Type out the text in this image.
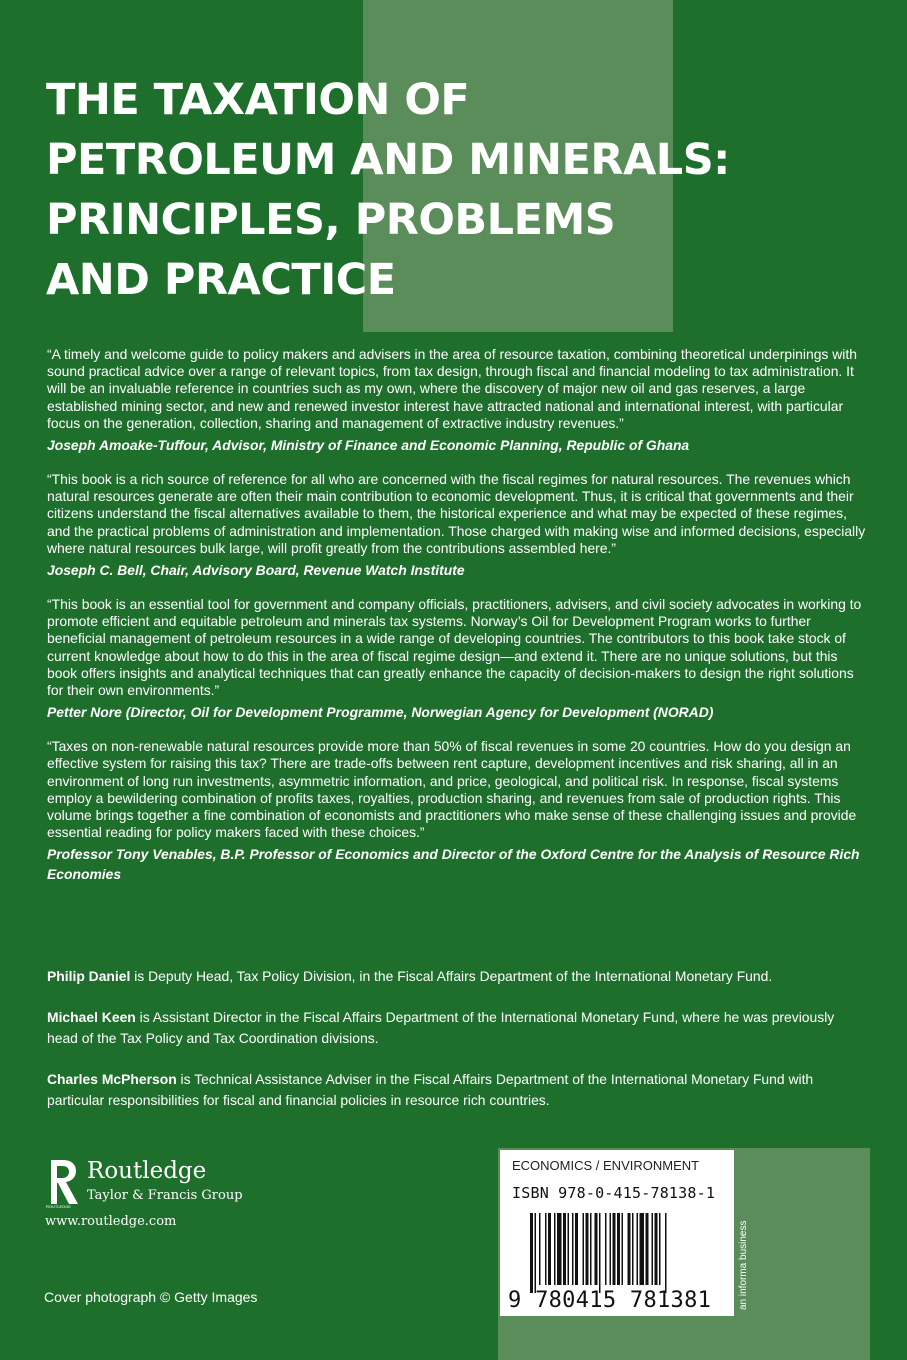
THE TAXATION OF
PETROLEUM AND MINERALS:
PRINCIPLES, PROBLEMS
AND PRACTICE

“A timely and welcome guide to policy makers and advisers in the area of resource taxation, combining theoretical underpinings with sound practical advice over a range of relevant topics, from tax design, through fiscal and financial modeling to tax administration. It will be an invaluable reference in countries such as my own, where the discovery of major new oil and gas reserves, a large established mining sector, and new and renewed investor interest have attracted national and international interest, with particular focus on the generation, collection, sharing and management of extractive industry revenues.”

Joseph Amoake-Tuffour, Advisor, Ministry of Finance and Economic Planning, Republic of Ghana

“This book is a rich source of reference for all who are concerned with the fiscal regimes for natural resources. The revenues which natural resources generate are often their main contribution to economic development. Thus, it is critical that governments and their citizens understand the fiscal alternatives available to them, the historical experience and what may be expected of these regimes, and the practical problems of administration and implementation. Those charged with making wise and informed decisions, especially where natural resources bulk large, will profit greatly from the contributions assembled here.”

Joseph C. Bell, Chair, Advisory Board, Revenue Watch Institute

“This book is an essential tool for government and company officials, practitioners, advisers, and civil society advocates in working to promote efficient and equitable petroleum and minerals tax systems. Norway’s Oil for Development Program works to further beneficial management of petroleum resources in a wide range of developing countries. The contributors to this book take stock of current knowledge about how to do this in the area of fiscal regime design—and extend it. There are no unique solutions, but this book offers insights and analytical techniques that can greatly enhance the capacity of decision-makers to design the right solutions for their own environments.”

Petter Nore (Director, Oil for Development Programme, Norwegian Agency for Development (NORAD)

“Taxes on non-renewable natural resources provide more than 50% of fiscal revenues in some 20 countries. How do you design an effective system for raising this tax? There are trade-offs between rent capture, development incentives and risk sharing, all in an environment of long run investments, asymmetric information, and price, geological, and political risk. In response, fiscal systems employ a bewildering combination of profits taxes, royalties, production sharing, and revenues from sale of production rights. This volume brings together a fine combination of economists and practitioners who make sense of these challenging issues and provide essential reading for policy makers faced with these choices.”

Professor Tony Venables, B.P. Professor of Economics and Director of the Oxford Centre for the Analysis of Resource Rich Economies

Philip Daniel is Deputy Head, Tax Policy Division, in the Fiscal Affairs Department of the International Monetary Fund.

Michael Keen is Assistant Director in the Fiscal Affairs Department of the International Monetary Fund, where he was previously head of the Tax Policy and Tax Coordination divisions.

Charles McPherson is Technical Assistance Adviser in the Fiscal Affairs Department of the International Monetary Fund with particular responsibilities for fiscal and financial policies in resource rich countries.

ROUTLEDGE
Routledge
Taylor & Francis Group
www.routledge.com
Cover photograph © Getty Images
ECONOMICS / ENVIRONMENT
ISBN 978-0-415-78138-1
9 780415 781381	an informa business
